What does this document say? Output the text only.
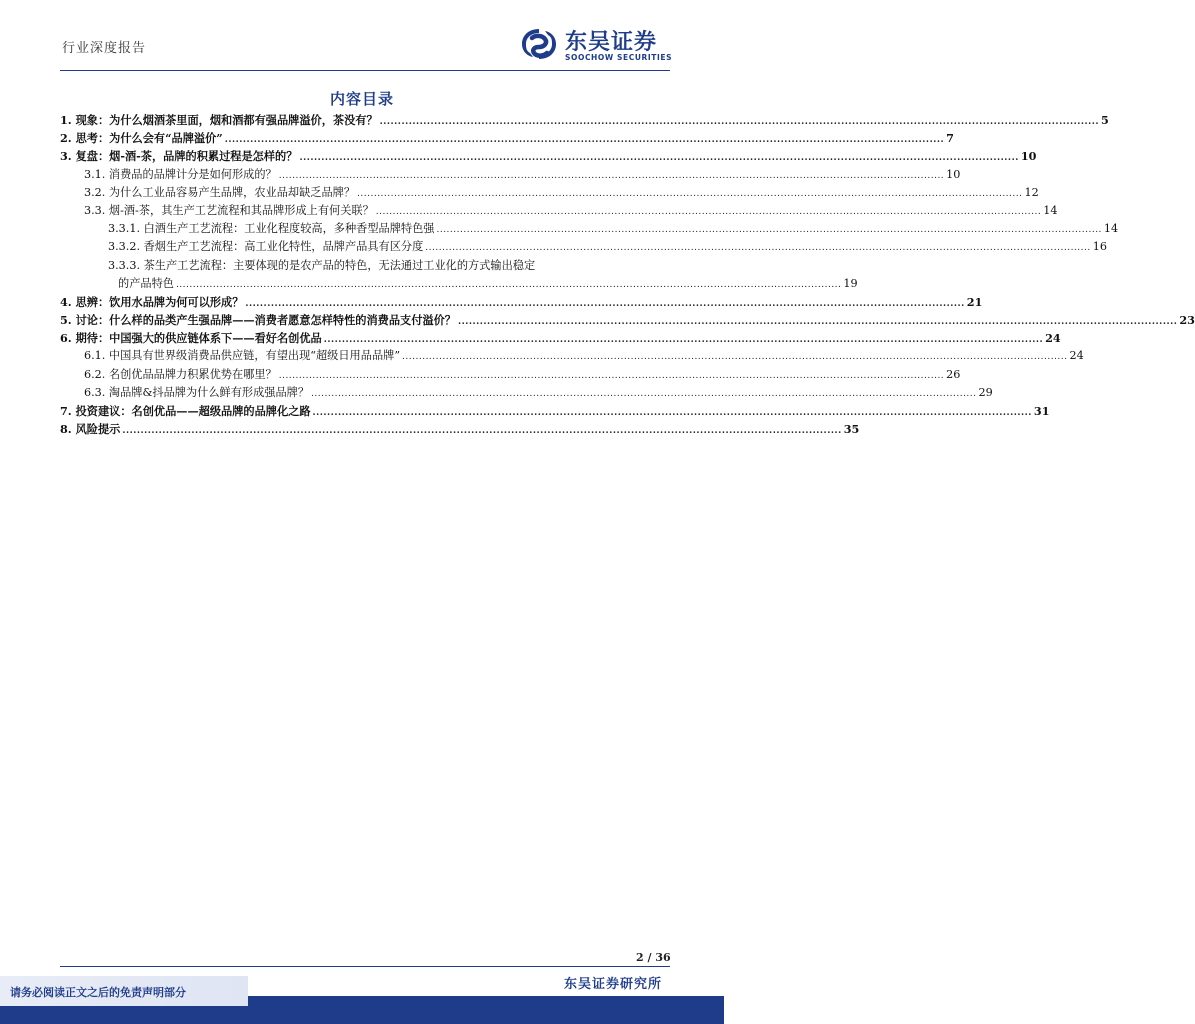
行业深度报告	东吴证券
SOOCHOW SECURITIES
内容目录
1. 现象：为什么烟酒茶里面，烟和酒都有强品牌溢价，茶没有？ ...................................................................................................................................................................................................... 5
2. 思考：为什么会有“品牌溢价” ...................................................................................................................................................................................................... 7
3. 复盘：烟-酒-茶，品牌的积累过程是怎样的？ ...................................................................................................................................................................................................... 10
3.1. 消费品的品牌计分是如何形成的？ ...................................................................................................................................................................................................... 10
3.2. 为什么工业品容易产生品牌，农业品却缺乏品牌？ ...................................................................................................................................................................................................... 12
3.3. 烟-酒-茶，其生产工艺流程和其品牌形成上有何关联？ ...................................................................................................................................................................................................... 14
3.3.1. 白酒生产工艺流程：工业化程度较高，多种香型品牌特色强 ...................................................................................................................................................................................................... 14
3.3.2. 香烟生产工艺流程：高工业化特性，品牌产品具有区分度 ...................................................................................................................................................................................................... 16
3.3.3. 茶生产工艺流程：主要体现的是农产品的特色，无法通过工业化的方式输出稳定
的产品特色 ...................................................................................................................................................................................................... 19
4. 思辨：饮用水品牌为何可以形成？ ...................................................................................................................................................................................................... 21
5. 讨论：什么样的品类产生强品牌——消费者愿意怎样特性的消费品支付溢价？ ...................................................................................................................................................................................................... 23
6. 期待：中国强大的供应链体系下——看好名创优品 ...................................................................................................................................................................................................... 24
6.1. 中国具有世界级消费品供应链，有望出现“超级日用品品牌” ...................................................................................................................................................................................................... 24
6.2. 名创优品品牌力积累优势在哪里？ ...................................................................................................................................................................................................... 26
6.3. 淘品牌&抖品牌为什么鲜有形成强品牌？ ...................................................................................................................................................................................................... 29
7. 投资建议：名创优品——超级品牌的品牌化之路 ...................................................................................................................................................................................................... 31
8. 风险提示 ...................................................................................................................................................................................................... 35
2 / 36
东吴证券研究所
请务必阅读正文之后的免责声明部分
